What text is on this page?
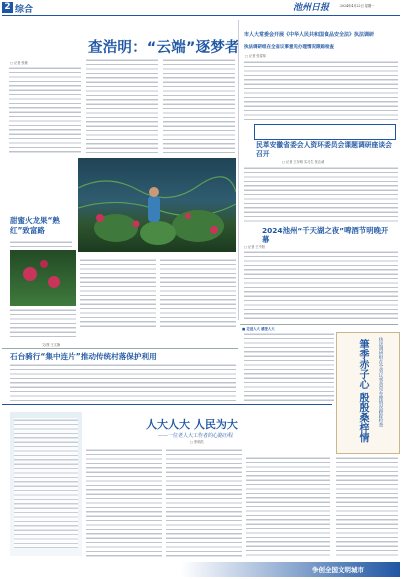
2 综合	池州日报	2024年4月22日 星期一
查浩明：“云端”逐梦者
□ 记者 张敏
甜蜜火龙果“熟红”致富路
文/图 王文静
石台骑行“集中连片”推动传统村落保护利用
市人大常委会开展《中华人民共和国食品安全法》执法调研
执法调研组在全省议事意见办理情况跟踪检查
□ 记者 张春菊
民革安徽省委会人资环委员会课题调研座谈会召开
□ 记者 王东明 实习生 张志诚
2024池州“千天湖之夜”啤酒节明晚开幕
□ 记者 王中阳
■ 走进人大 感受人大
执法调研组在全省议事意见办理情况跟踪检查
筆季赤子心 殷殷桑梓情
人大人大 人民为大
——一位老人大工作者的心路历程
□ 张明浩
争创全国文明城市
